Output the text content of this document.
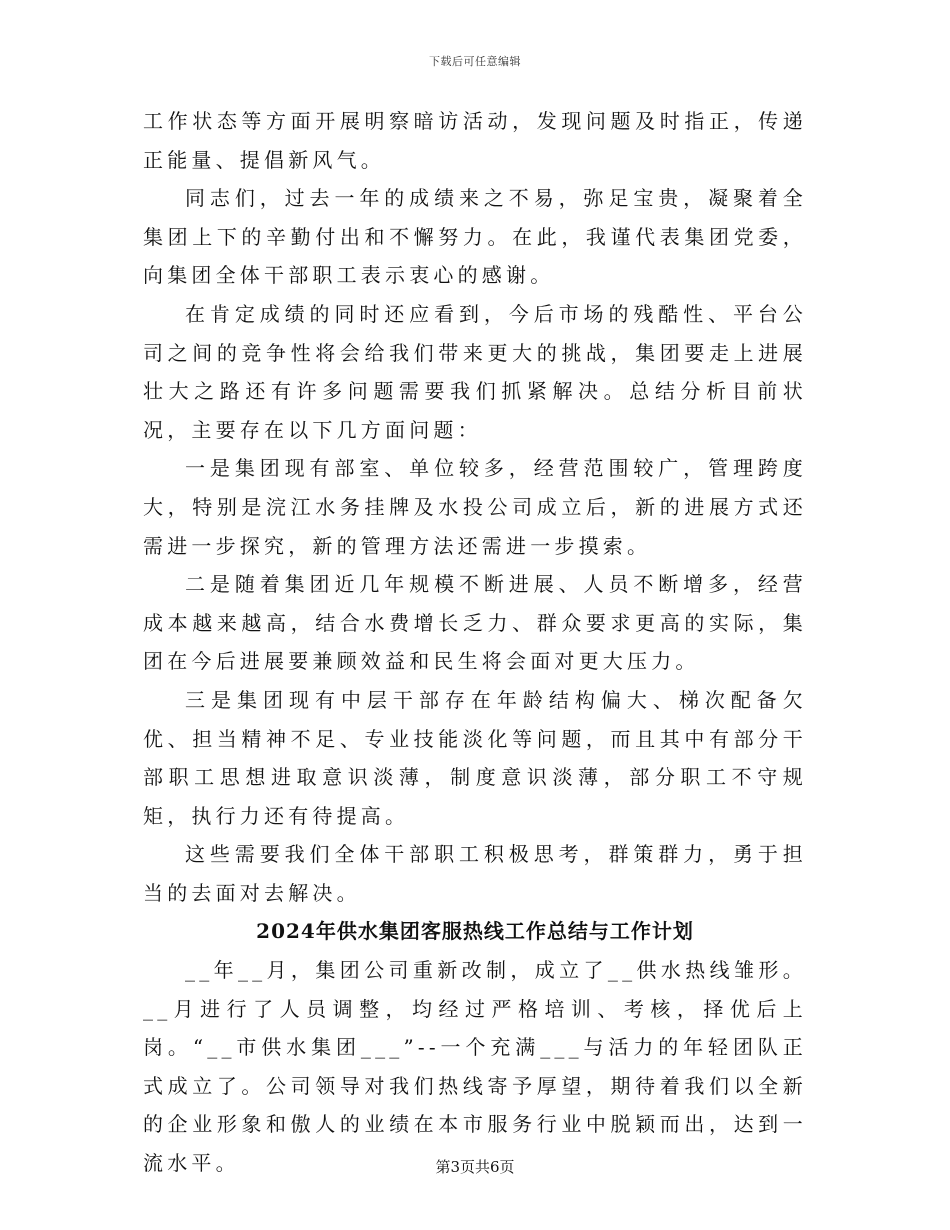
下载后可任意编辑

工作状态等方面开展明察暗访活动，发现问题及时指正，传递正能量、提倡新风气。

同志们，过去一年的成绩来之不易，弥足宝贵，凝聚着全集团上下的辛勤付出和不懈努力。在此，我谨代表集团党委，向集团全体干部职工表示衷心的感谢。

在肯定成绩的同时还应看到，今后市场的残酷性、平台公司之间的竞争性将会给我们带来更大的挑战，集团要走上进展壮大之路还有许多问题需要我们抓紧解决。总结分析目前状况，主要存在以下几方面问题：

一是集团现有部室、单位较多，经营范围较广，管理跨度大，特别是浣江水务挂牌及水投公司成立后，新的进展方式还需进一步探究，新的管理方法还需进一步摸索。

二是随着集团近几年规模不断进展、人员不断增多，经营成本越来越高，结合水费增长乏力、群众要求更高的实际，集团在今后进展要兼顾效益和民生将会面对更大压力。

三是集团现有中层干部存在年龄结构偏大、梯次配备欠优、担当精神不足、专业技能淡化等问题，而且其中有部分干部职工思想进取意识淡薄，制度意识淡薄，部分职工不守规矩，执行力还有待提高。

这些需要我们全体干部职工积极思考，群策群力，勇于担当的去面对去解决。

2024年供水集团客服热线工作总结与工作计划

__年__月，集团公司重新改制，成立了__供水热线雏形。__月进行了人员调整，均经过严格培训、考核，择优后上岗。“__市供水集团___”--一个充满___与活力的年轻团队正式成立了。公司领导对我们热线寄予厚望，期待着我们以全新的企业形象和傲人的业绩在本市服务行业中脱颖而出，达到一流水平。	第3页共6页
